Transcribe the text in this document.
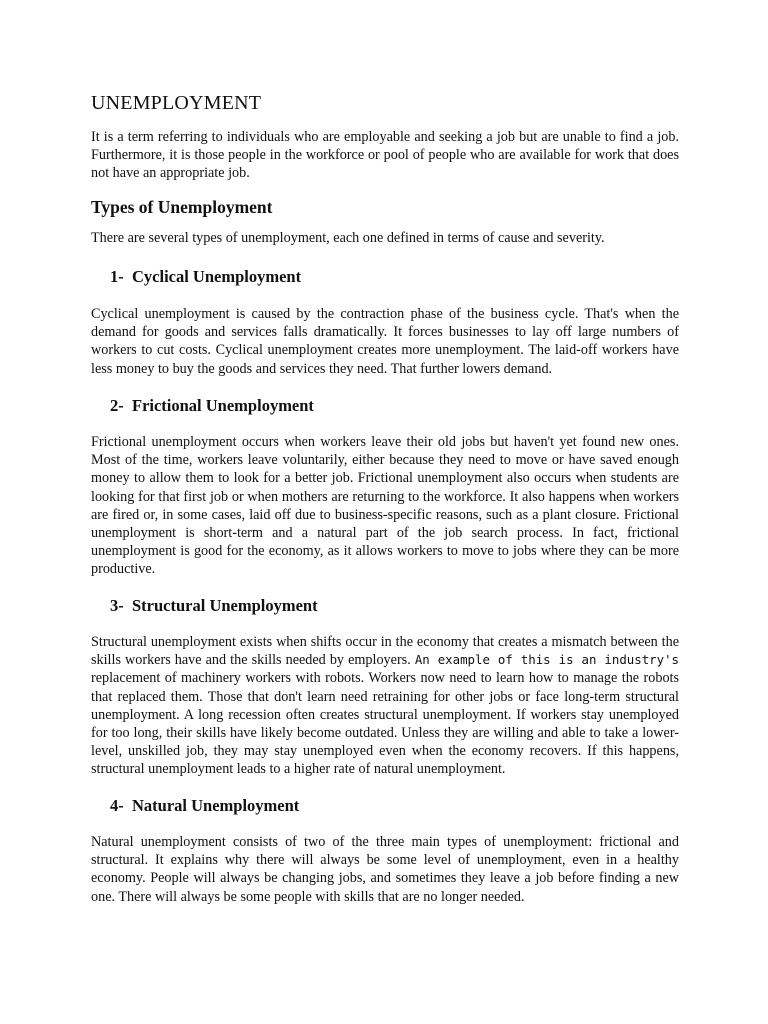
UNEMPLOYMENT

It is a term referring to individuals who are employable and seeking a job but are unable to find a job. Furthermore, it is those people in the workforce or pool of people who are available for work that does not have an appropriate job.

Types of Unemployment

There are several types of unemployment, each one defined in terms of cause and severity.

1-  Cyclical Unemployment

Cyclical unemployment is caused by the contraction phase of the business cycle. That's when the demand for goods and services falls dramatically. It forces businesses to lay off large numbers of workers to cut costs. Cyclical unemployment creates more unemployment. The laid-off workers have less money to buy the goods and services they need. That further lowers demand.

2-  Frictional Unemployment

Frictional unemployment occurs when workers leave their old jobs but haven't yet found new ones. Most of the time, workers leave voluntarily, either because they need to move or have saved enough money to allow them to look for a better job. Frictional unemployment also occurs when students are looking for that first job or when mothers are returning to the workforce. It also happens when workers are fired or, in some cases, laid off due to business-specific reasons, such as a plant closure. Frictional unemployment is short-term and a natural part of the job search process. In fact, frictional unemployment is good for the economy, as it allows workers to move to jobs where they can be more productive.

3-  Structural Unemployment

Structural unemployment exists when shifts occur in the economy that creates a mismatch between the skills workers have and the skills needed by employers. An example of this is an industry's replacement of machinery workers with robots. Workers now need to learn how to manage the robots that replaced them. Those that don't learn need retraining for other jobs or face long-term structural unemployment. A long recession often creates structural unemployment. If workers stay unemployed for too long, their skills have likely become outdated. Unless they are willing and able to take a lower-level, unskilled job, they may stay unemployed even when the economy recovers. If this happens, structural unemployment leads to a higher rate of natural unemployment.

4-  Natural Unemployment

Natural unemployment consists of two of the three main types of unemployment: frictional and structural. It explains why there will always be some level of unemployment, even in a healthy economy. People will always be changing jobs, and sometimes they leave a job before finding a new one. There will always be some people with skills that are no longer needed.
